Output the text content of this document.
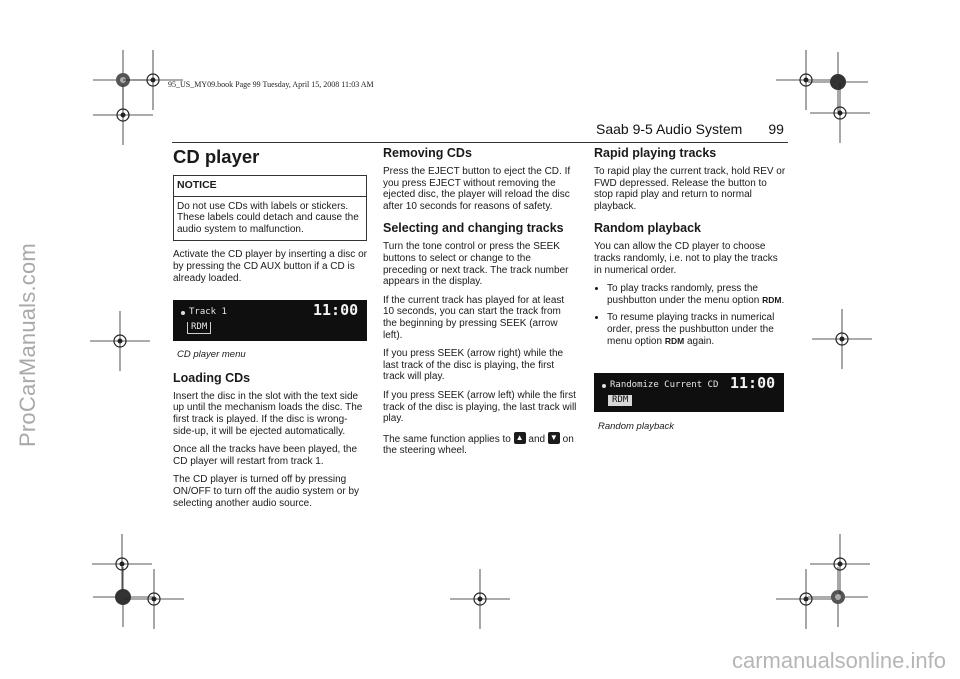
95_US_MY09.book Page 99 Tuesday, April 15, 2008 11:03 AM
ProCarManuals.com
carmanualsonline.info
Saab 9-5 Audio System 99
CD player
NOTICE
Do not use CDs with labels or stickers. These labels could detach and cause the audio system to malfunction.

Activate the CD player by inserting a disc or by pressing the CD AUX button if a CD is already loaded.

Track 1
RDM
11:00
CD player menu
Loading CDs

Insert the disc in the slot with the text side up until the mechanism loads the disc. The first track is played. If the disc is wrong-side-up, it will be ejected automatically.

Once all the tracks have been played, the CD player will restart from track 1.

The CD player is turned off by pressing ON/OFF to turn off the audio system or by selecting another audio source.

Removing CDs

Press the EJECT button to eject the CD. If you press EJECT without removing the ejected disc, the player will reload the disc after 10 seconds for reasons of safety.

Selecting and changing tracks

Turn the tone control or press the SEEK buttons to select or change to the preceding or next track. The track number appears in the display.

If the current track has played for at least 10 seconds, you can start the track from the beginning by pressing SEEK (arrow left).

If you press SEEK (arrow right) while the last track of the disc is playing, the first track will play.

If you press SEEK (arrow left) while the first track of the disc is playing, the last track will play.

The same function applies to ▲ and ▼ on the steering wheel.

Rapid playing tracks

To rapid play the current track, hold REV or FWD depressed. Release the button to stop rapid play and return to normal playback.

Random playback

You can allow the CD player to choose tracks randomly, i.e. not to play the tracks in numerical order.

• To play tracks randomly, press the pushbutton under the menu option RDM.
• To resume playing tracks in numerical order, press the pushbutton under the menu option RDM again.
Randomize Current CD
RDM
11:00
Random playback
